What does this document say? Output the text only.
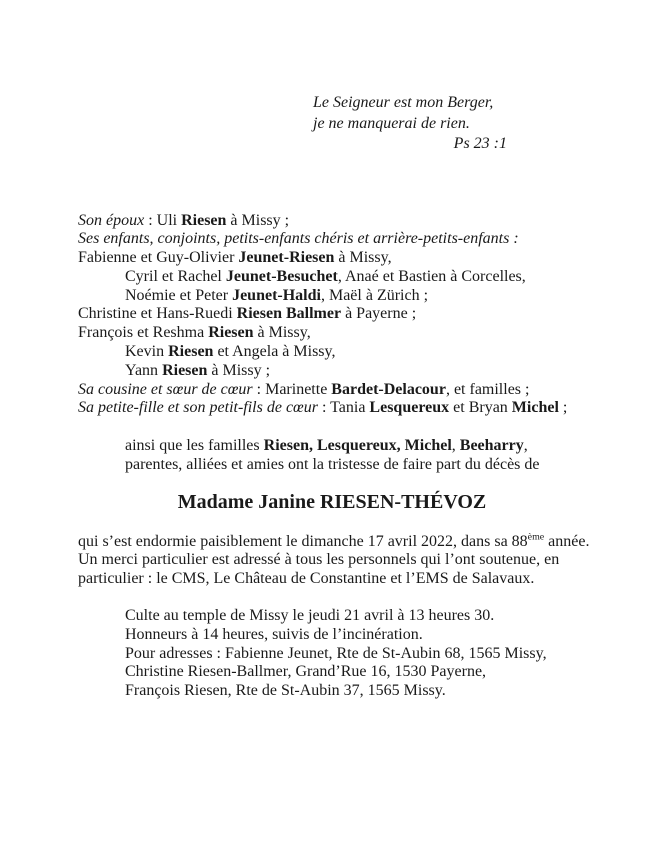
Le Seigneur est mon Berger,
je ne manquerai de rien.
Ps 23 :1
Son époux : Uli Riesen à Missy ;
Ses enfants, conjoints, petits-enfants chéris et arrière-petits-enfants :
Fabienne et Guy-Olivier Jeunet-Riesen à Missy,
Cyril et Rachel Jeunet-Besuchet, Anaé et Bastien à Corcelles,
Noémie et Peter Jeunet-Haldi, Maël à Zürich ;
Christine et Hans-Ruedi Riesen Ballmer à Payerne ;
François et Reshma Riesen à Missy,
Kevin Riesen et Angela à Missy,
Yann Riesen à Missy ;
Sa cousine et sœur de cœur : Marinette Bardet-Delacour, et familles ;
Sa petite-fille et son petit-fils de cœur : Tania Lesquereux et Bryan Michel ;
ainsi que les familles Riesen, Lesquereux, Michel, Beeharry,
parentes, alliées et amies ont la tristesse de faire part du décès de
Madame Janine RIESEN-THÉVOZ
qui s’est endormie paisiblement le dimanche 17 avril 2022, dans sa 88ème année.
Un merci particulier est adressé à tous les personnels qui l’ont soutenue, en
particulier : le CMS, Le Château de Constantine et l’EMS de Salavaux.
Culte au temple de Missy le jeudi 21 avril à 13 heures 30.
Honneurs à 14 heures, suivis de l’incinération.
Pour adresses : Fabienne Jeunet, Rte de St-Aubin 68, 1565 Missy,
Christine Riesen-Ballmer, Grand’Rue 16, 1530 Payerne,
François Riesen, Rte de St-Aubin 37, 1565 Missy.
